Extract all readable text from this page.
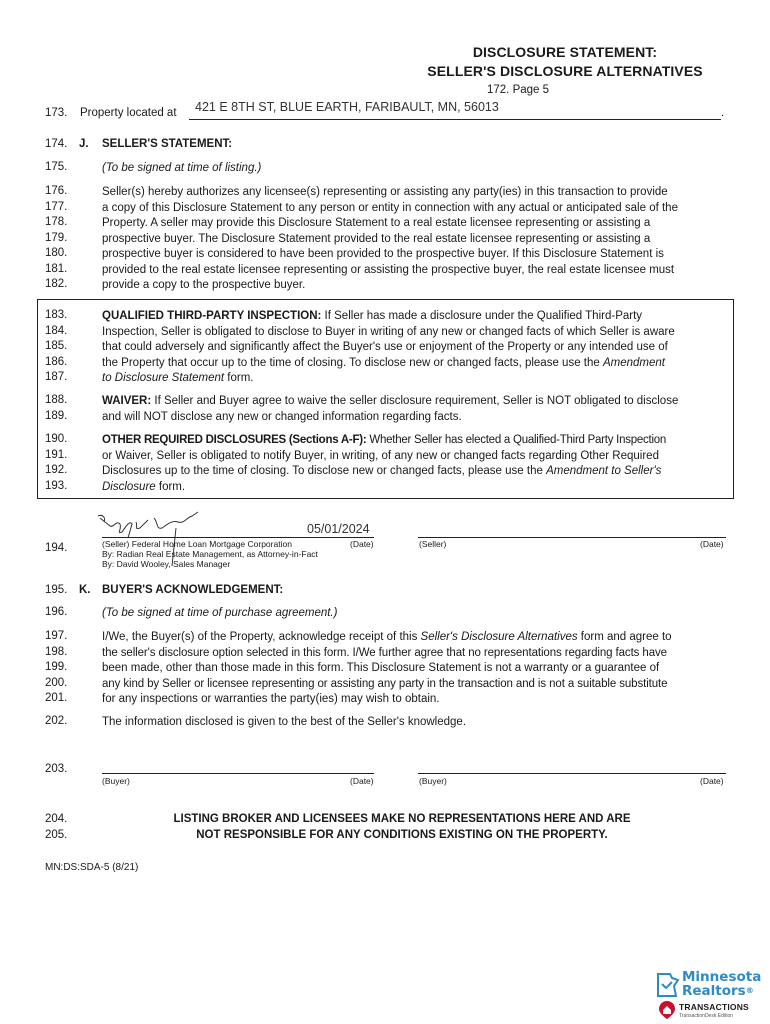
DISCLOSURE STATEMENT:
SELLER'S DISCLOSURE ALTERNATIVES
172. Page 5
173. Property located at 421 E 8TH ST, BLUE EARTH, FARIBAULT, MN, 56013	.
174. J. SELLER'S STATEMENT:
175.	(To be signed at time of listing.)
176.
177.
178.
179.
180.
181.
182.
Seller(s) hereby authorizes any licensee(s) representing or assisting any party(ies) in this transaction to provide
a copy of this Disclosure Statement to any person or entity in connection with any actual or anticipated sale of the
Property. A seller may provide this Disclosure Statement to a real estate licensee representing or assisting a
prospective buyer. The Disclosure Statement provided to the real estate licensee representing or assisting a
prospective buyer is considered to have been provided to the prospective buyer. If this Disclosure Statement is
provided to the real estate licensee representing or assisting the prospective buyer, the real estate licensee must
provide a copy to the prospective buyer.
183.
184.
185.
186.
187.
QUALIFIED THIRD-PARTY INSPECTION: If Seller has made a disclosure under the Qualified Third-Party
Inspection, Seller is obligated to disclose to Buyer in writing of any new or changed facts of which Seller is aware
that could adversely and significantly affect the Buyer's use or enjoyment of the Property or any intended use of
the Property that occur up to the time of closing. To disclose new or changed facts, please use the Amendment
to Disclosure Statement form.
188.
189.
WAIVER: If Seller and Buyer agree to waive the seller disclosure requirement, Seller is NOT obligated to disclose
and will NOT disclose any new or changed information regarding facts.
190.
191.
192.
193.
OTHER REQUIRED DISCLOSURES (Sections A-F): Whether Seller has elected a Qualified-Third Party Inspection
or Waiver, Seller is obligated to notify Buyer, in writing, of any new or changed facts regarding Other Required
Disclosures up to the time of closing. To disclose new or changed facts, please use the Amendment to Seller's
Disclosure form.
194.
05/01/2024
(Seller) Federal Home Loan Mortgage Corporation
By: Radian Real Estate Management, as Attorney-in-Fact
By: David Wooley, Sales Manager
(Date)	(Seller)	(Date)
195. K. BUYER'S ACKNOWLEDGEMENT:
196.	(To be signed at time of purchase agreement.)
197.
198.
199.
200.
201.
I/We, the Buyer(s) of the Property, acknowledge receipt of this Seller's Disclosure Alternatives form and agree to
the seller's disclosure option selected in this form. I/We further agree that no representations regarding facts have
been made, other than those made in this form. This Disclosure Statement is not a warranty or a guarantee of
any kind by Seller or licensee representing or assisting any party in the transaction and is not a suitable substitute
for any inspections or warranties the party(ies) may wish to obtain.
202.	The information disclosed is given to the best of the Seller's knowledge.
203.
(Buyer)	(Date)	(Buyer)	(Date)
204.
205.
LISTING BROKER AND LICENSEES MAKE NO REPRESENTATIONS HERE AND ARE
NOT RESPONSIBLE FOR ANY CONDITIONS EXISTING ON THE PROPERTY.
MN:DS:SDA-5 (8/21)
Minnesota
Realtors®
TRANSACTIONS
TransactionDesk Edition
